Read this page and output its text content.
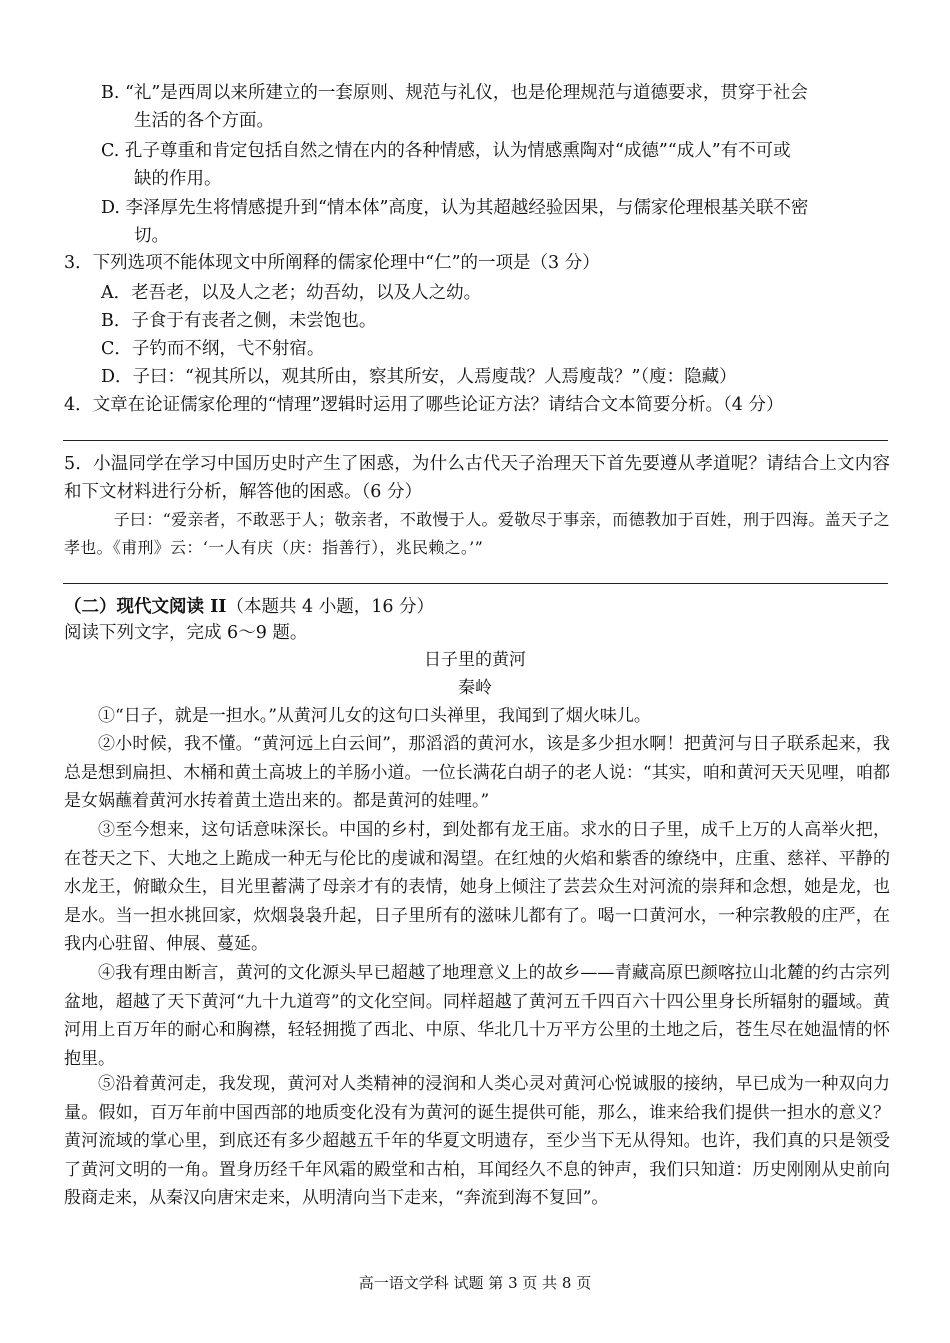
B. “礼”是西周以来所建立的一套原则、规范与礼仪，也是伦理规范与道德要求，贯穿于社会
生活的各个方面。
C. 孔子尊重和肯定包括自然之情在内的各种情感，认为情感熏陶对“成德”“成人”有不可或
缺的作用。
D. 李泽厚先生将情感提升到“情本体”高度，认为其超越经验因果，与儒家伦理根基关联不密
切。
3．下列选项不能体现文中所阐释的儒家伦理中“仁”的一项是（3 分）
A．老吾老，以及人之老；幼吾幼，以及人之幼。
B．子食于有丧者之侧，未尝饱也。
C．子钓而不纲，弋不射宿。
D．子曰：“视其所以，观其所由，察其所安，人焉廋哉？人焉廋哉？”（廋：隐藏）
4．文章在论证儒家伦理的“情理”逻辑时运用了哪些论证方法？请结合文本简要分析。（4 分）
5．小温同学在学习中国历史时产生了困惑，为什么古代天子治理天下首先要遵从孝道呢？请结合上文内容和下文材料进行分析，解答他的困惑。（6 分）
子曰：“爱亲者，不敢恶于人；敬亲者，不敢慢于人。爱敬尽于事亲，而德教加于百姓，刑于四海。盖天子之孝也。《甫刑》云：‘一人有庆（庆：指善行），兆民赖之。’”
（二）现代文阅读 II（本题共 4 小题，16 分）
阅读下列文字，完成 6～9 题。
日子里的黄河
秦岭
①“日子，就是一担水。”从黄河儿女的这句口头禅里，我闻到了烟火味儿。
②小时候，我不懂。“黄河远上白云间”，那滔滔的黄河水，该是多少担水啊！把黄河与日子联系起来，我总是想到扁担、木桶和黄土高坡上的羊肠小道。一位长满花白胡子的老人说：“其实，咱和黄河天天见哩，咱都是女娲蘸着黄河水抟着黄土造出来的。都是黄河的娃哩。”
③至今想来，这句话意味深长。中国的乡村，到处都有龙王庙。求水的日子里，成千上万的人高举火把，在苍天之下、大地之上跪成一种无与伦比的虔诚和渴望。在红烛的火焰和紫香的缭绕中，庄重、慈祥、平静的水龙王，俯瞰众生，目光里蓄满了母亲才有的表情，她身上倾注了芸芸众生对河流的崇拜和念想，她是龙，也是水。当一担水挑回家，炊烟袅袅升起，日子里所有的滋味儿都有了。喝一口黄河水，一种宗教般的庄严，在我内心驻留、伸展、蔓延。
④我有理由断言，黄河的文化源头早已超越了地理意义上的故乡——青藏高原巴颜喀拉山北麓的约古宗列盆地，超越了天下黄河“九十九道弯”的文化空间。同样超越了黄河五千四百六十四公里身长所辐射的疆域。黄河用上百万年的耐心和胸襟，轻轻拥揽了西北、中原、华北几十万平方公里的土地之后，苍生尽在她温情的怀抱里。
⑤沿着黄河走，我发现，黄河对人类精神的浸润和人类心灵对黄河心悦诚服的接纳，早已成为一种双向力量。假如，百万年前中国西部的地质变化没有为黄河的诞生提供可能，那么，谁来给我们提供一担水的意义？黄河流域的掌心里，到底还有多少超越五千年的华夏文明遗存，至少当下无从得知。也许，我们真的只是领受了黄河文明的一角。置身历经千年风霜的殿堂和古柏，耳闻经久不息的钟声，我们只知道：历史刚刚从史前向殷商走来，从秦汉向唐宋走来，从明清向当下走来，“奔流到海不复回”。
高一语文学科 试题 第 3 页 共 8 页
